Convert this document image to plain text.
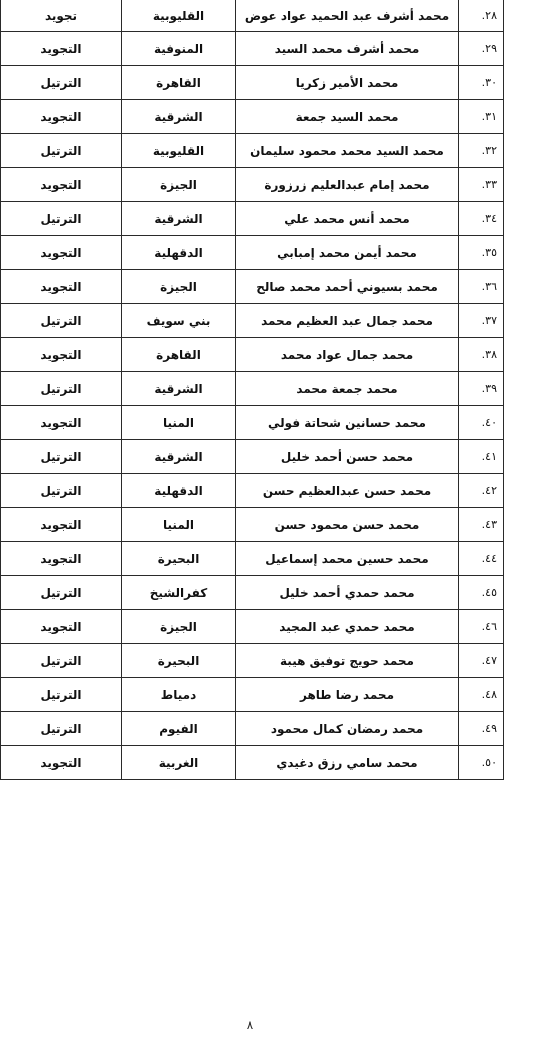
٢٨.	محمد أشرف عبد الحميد عواد عوض	القليوبية	تجويد
٢٩.	محمد أشرف محمد السيد	المنوفية	التجويد
٣٠.	محمد الأمير زكريا	القاهرة	الترتيل
٣١.	محمد السيد جمعة	الشرقية	التجويد
٣٢.	محمد السيد محمد محمود سليمان	القليوبية	الترتيل
٣٣.	محمد إمام عبدالعليم زرزورة	الجيزة	التجويد
٣٤.	محمد أنس محمد علي	الشرقية	الترتيل
٣٥.	محمد أيمن محمد إمبابي	الدقهلية	التجويد
٣٦.	محمد بسيوني أحمد محمد صالح	الجيزة	التجويد
٣٧.	محمد جمال عبد العظيم محمد	بني سويف	الترتيل
٣٨.	محمد جمال عواد محمد	القاهرة	التجويد
٣٩.	محمد جمعة محمد	الشرقية	الترتيل
٤٠.	محمد حسانين شحاتة فولي	المنيا	التجويد
٤١.	محمد حسن أحمد خليل	الشرقية	الترتيل
٤٢.	محمد حسن عبدالعظيم حسن	الدقهلية	الترتيل
٤٣.	محمد حسن محمود حسن	المنيا	التجويد
٤٤.	محمد حسين محمد إسماعيل	البحيرة	التجويد
٤٥.	محمد حمدي أحمد خليل	كفرالشيخ	الترتيل
٤٦.	محمد حمدي عبد المجيد	الجيزة	التجويد
٤٧.	محمد حويج توفيق هيبة	البحيرة	الترتيل
٤٨.	محمد رضا طاهر	دمياط	الترتيل
٤٩.	محمد رمضان كمال محمود	الفيوم	الترتيل
٥٠.	محمد سامي رزق دغيدي	الغربية	التجويد
٨
